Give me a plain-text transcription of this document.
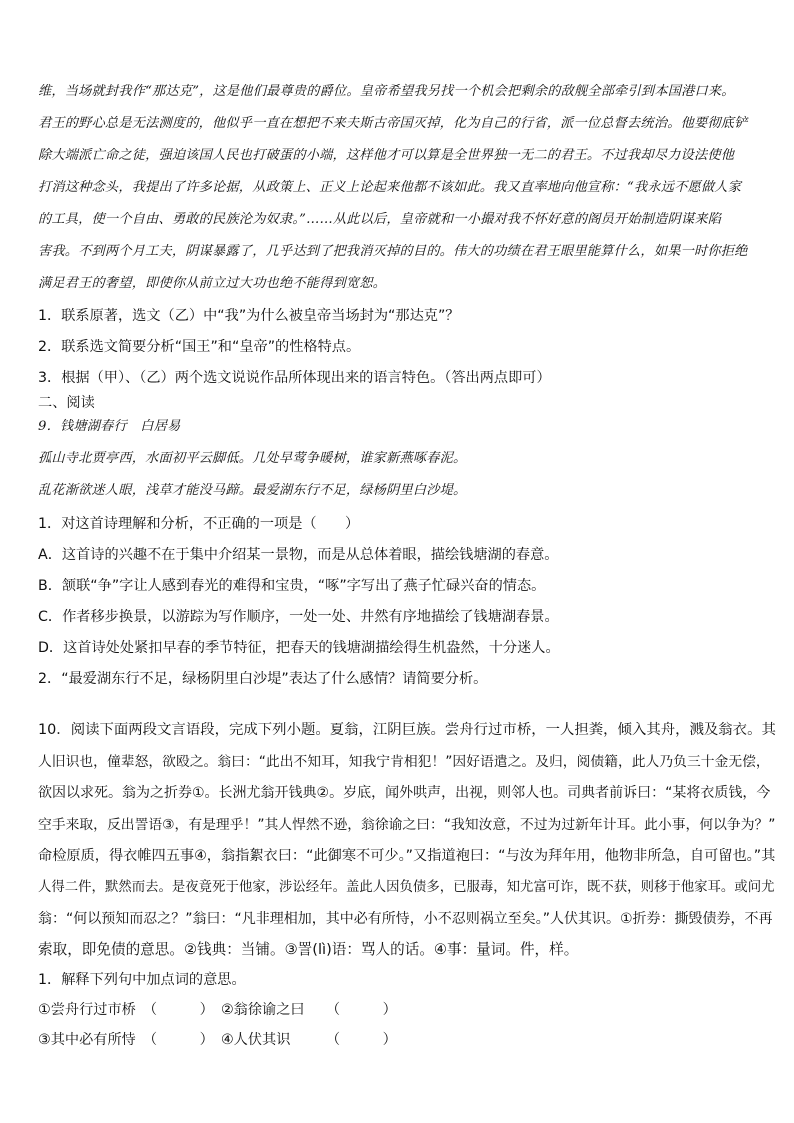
维，当场就封我作“那达克”，这是他们最尊贵的爵位。皇帝希望我另找一个机会把剩余的敌舰全部牵引到本国港口来。
君王的野心总是无法测度的，他似乎一直在想把不来夫斯古帝国灭掉，化为自己的行省，派一位总督去统治。他要彻底铲
除大端派亡命之徒，强迫该国人民也打破蛋的小端，这样他才可以算是全世界独一无二的君王。不过我却尽力设法使他
打消这种念头，我提出了许多论据，从政策上、正义上论起来他都不该如此。我又直率地向他宣称：“我永远不愿做人家
的工具，使一个自由、勇敢的民族沦为奴隶。”……从此以后，皇帝就和一小撮对我不怀好意的阁员开始制造阴谋来陷
害我。不到两个月工夫，阴谋暴露了，几乎达到了把我消灭掉的目的。伟大的功绩在君王眼里能算什么，如果一时你拒绝
满足君王的奢望，即使你从前立过大功也绝不能得到宽恕。
1．联系原著，选文（乙）中“我”为什么被皇帝当场封为“那达克”？
2．联系选文简要分析“国王”和“皇帝”的性格特点。
3．根据（甲）、（乙）两个选文说说作品所体现出来的语言特色。（答出两点即可）
二、阅读
9．钱塘湖春行　白居易
孤山寺北贾亭西，水面初平云脚低。几处早莺争暖树，谁家新燕啄春泥。
乱花渐欲迷人眼，浅草才能没马蹄。最爱湖东行不足，绿杨阴里白沙堤。
1．对这首诗理解和分析，不正确的一项是（　　）
A．这首诗的兴趣不在于集中介绍某一景物，而是从总体着眼，描绘钱塘湖的春意。
B．颔联“争”字让人感到春光的难得和宝贵，“啄”字写出了燕子忙碌兴奋的情态。
C．作者移步换景，以游踪为写作顺序，一处一处、井然有序地描绘了钱塘湖春景。
D．这首诗处处紧扣早春的季节特征，把春天的钱塘湖描绘得生机盎然，十分迷人。
2．“最爱湖东行不足，绿杨阴里白沙堤”表达了什么感情？请简要分析。
10．阅读下面两段文言语段，完成下列小题。夏翁，江阴巨族。尝舟行过市桥，一人担粪，倾入其舟，溅及翁衣。其
人旧识也，僮辈怒，欲殴之。翁曰：“此出不知耳，知我宁肯相犯！”因好语遣之。及归，阅债籍，此人乃负三十金无偿，
欲因以求死。翁为之折券①。长洲尤翁开钱典②。岁底，闻外哄声，出视，则邻人也。司典者前诉曰：“某将衣质钱，今
空手来取，反出詈语③，有是理乎！”其人悍然不逊，翁徐谕之曰：“我知汝意，不过为过新年计耳。此小事，何以争为？”
命检原质，得衣帷四五事④，翁指絮衣曰：“此御寒不可少。”又指道袍曰：“与汝为拜年用，他物非所急，自可留也。”其
人得二件，默然而去。是夜竟死于他家，涉讼经年。盖此人因负债多，已服毒，知尤富可诈，既不获，则移于他家耳。或问尤
翁：“何以预知而忍之？”翁曰：“凡非理相加，其中必有所恃，小不忍则祸立至矣。”人伏其识。①折券：撕毁债券，不再
索取，即免债的意思。②钱典：当铺。③詈(lì)语：骂人的话。④事：量词。件，样。
1．解释下列句中加点词的意思。
①尝舟行过市桥　（　　　）　②翁徐谕之曰　　（　　　）
③其中必有所恃　（　　　）　④人伏其识　　　（　　　）
